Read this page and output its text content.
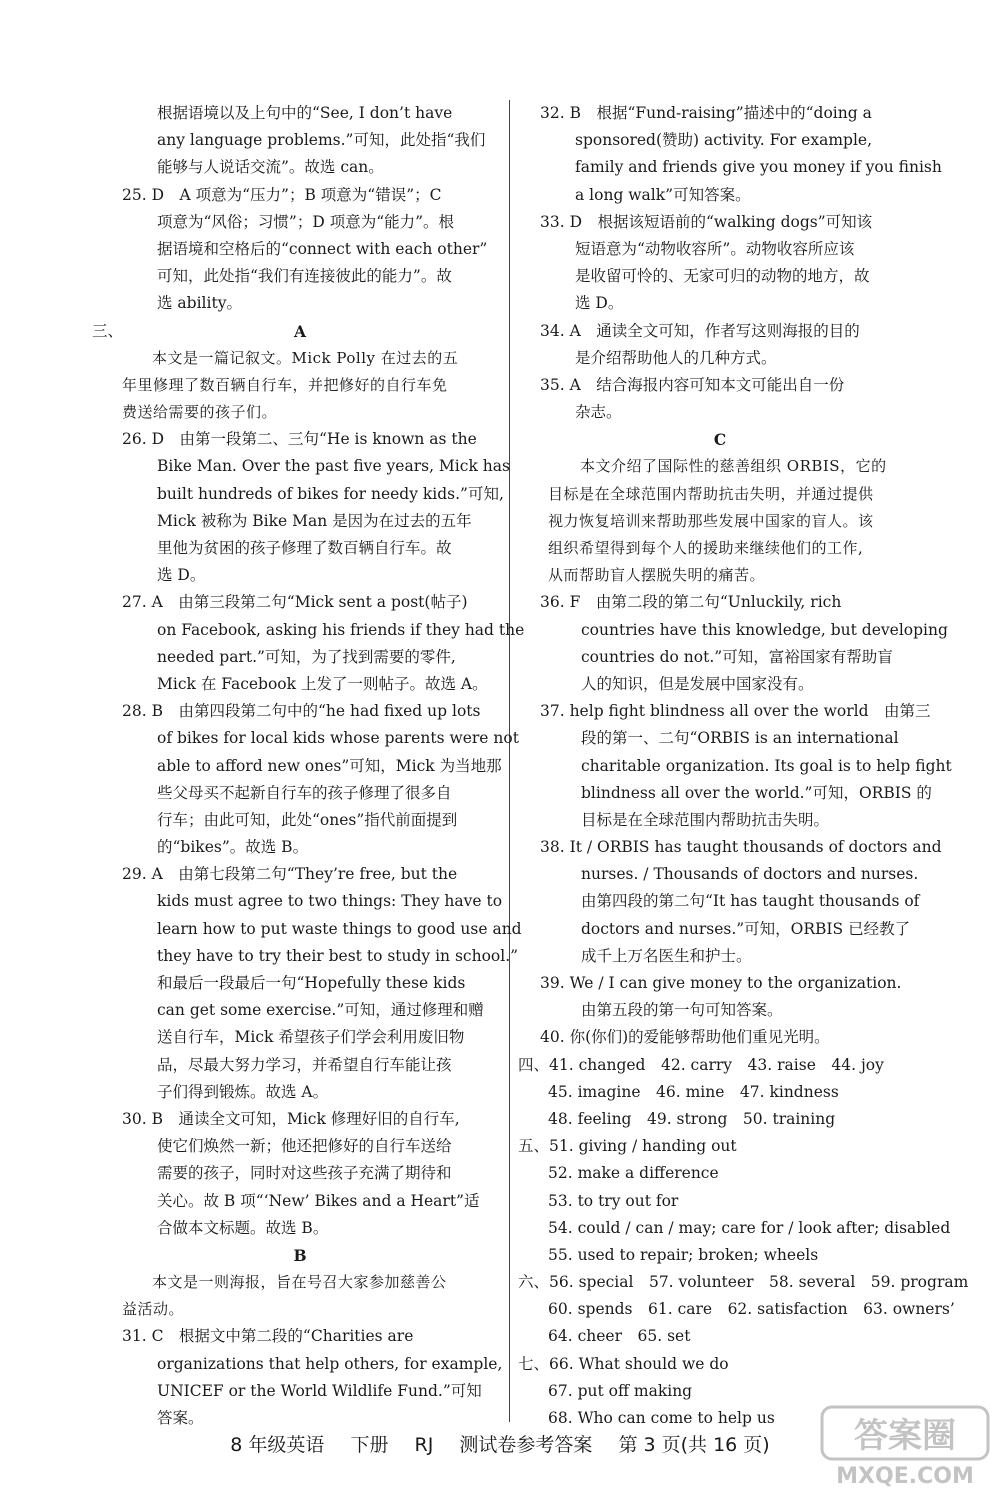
根据语境以及上句中的“See, I don’t have
any language problems.”可知，此处指“我们
能够与人说话交流”。故选 can。
25. D　A 项意为“压力”；B 项意为“错误”；C
项意为“风俗；习惯”；D 项意为“能力”。根
据语境和空格后的“connect with each other”
可知，此处指“我们有连接彼此的能力”。故
选 ability。
三、	A
本文是一篇记叙文。Mick Polly 在过去的五
年里修理了数百辆自行车，并把修好的自行车免
费送给需要的孩子们。
26. D　由第一段第二、三句“He is known as the
Bike Man. Over the past five years, Mick has
built hundreds of bikes for needy kids.”可知,
Mick 被称为 Bike Man 是因为在过去的五年
里他为贫困的孩子修理了数百辆自行车。故
选 D。
27. A　由第三段第二句“Mick sent a post(帖子)
on Facebook, asking his friends if they had the
needed part.”可知，为了找到需要的零件,
Mick 在 Facebook 上发了一则帖子。故选 A。
28. B　由第四段第二句中的“he had fixed up lots
of bikes for local kids whose parents were not
able to afford new ones”可知，Mick 为当地那
些父母买不起新自行车的孩子修理了很多自
行车；由此可知，此处“ones”指代前面提到
的“bikes”。故选 B。
29. A　由第七段第二句“They’re free, but the
kids must agree to two things: They have to
learn how to put waste things to good use and
they have to try their best to study in school.”
和最后一段最后一句“Hopefully these kids
can get some exercise.”可知，通过修理和赠
送自行车，Mick 希望孩子们学会利用废旧物
品，尽最大努力学习，并希望自行车能让孩
子们得到锻炼。故选 A。
30. B　通读全文可知，Mick 修理好旧的自行车,
使它们焕然一新；他还把修好的自行车送给
需要的孩子，同时对这些孩子充满了期待和
关心。故 B 项“‘New’ Bikes and a Heart”适
合做本文标题。故选 B。
B
本文是一则海报，旨在号召大家参加慈善公
益活动。
31. C　根据文中第二段的“Charities are
organizations that help others, for example,
UNICEF or the World Wildlife Fund.”可知
答案。
32. B　根据“Fund-raising”描述中的“doing a
sponsored(赞助) activity. For example,
family and friends give you money if you finish
a long walk”可知答案。
33. D　根据该短语前的“walking dogs”可知该
短语意为“动物收容所”。动物收容所应该
是收留可怜的、无家可归的动物的地方，故
选 D。
34. A　通读全文可知，作者写这则海报的目的
是介绍帮助他人的几种方式。
35. A　结合海报内容可知本文可能出自一份
杂志。
C
本文介绍了国际性的慈善组织 ORBIS，它的
目标是在全球范围内帮助抗击失明，并通过提供
视力恢复培训来帮助那些发展中国家的盲人。该
组织希望得到每个人的援助来继续他们的工作,
从而帮助盲人摆脱失明的痛苦。
36. F　由第二段的第二句“Unluckily, rich
countries have this knowledge, but developing
countries do not.”可知，富裕国家有帮助盲
人的知识，但是发展中国家没有。
37. help fight blindness all over the world　由第三
段的第一、二句“ORBIS is an international
charitable organization. Its goal is to help fight
blindness all over the world.”可知，ORBIS 的
目标是在全球范围内帮助抗击失明。
38. It / ORBIS has taught thousands of doctors and
nurses. / Thousands of doctors and nurses.
由第四段的第二句“It has taught thousands of
doctors and nurses.”可知，ORBIS 已经教了
成千上万名医生和护士。
39. We / I can give money to the organization.
由第五段的第一句可知答案。
40. 你(你们)的爱能够帮助他们重见光明。
四、41. changed　42. carry　43. raise　44. joy
45. imagine　46. mine　47. kindness
48. feeling　49. strong　50. training
五、51. giving / handing out
52. make a difference
53. to try out for
54. could / can / may; care for / look after; disabled
55. used to repair; broken; wheels
六、56. special　57. volunteer　58. several　59. program
60. spends　61. care　62. satisfaction　63. owners’
64. cheer　65. set
七、66. What should we do
67. put off making
68. Who can come to help us
8 年级英语 下册 RJ 测试卷参考答案 第 3 页(共 16 页)	答案圈
MXQE.COM
